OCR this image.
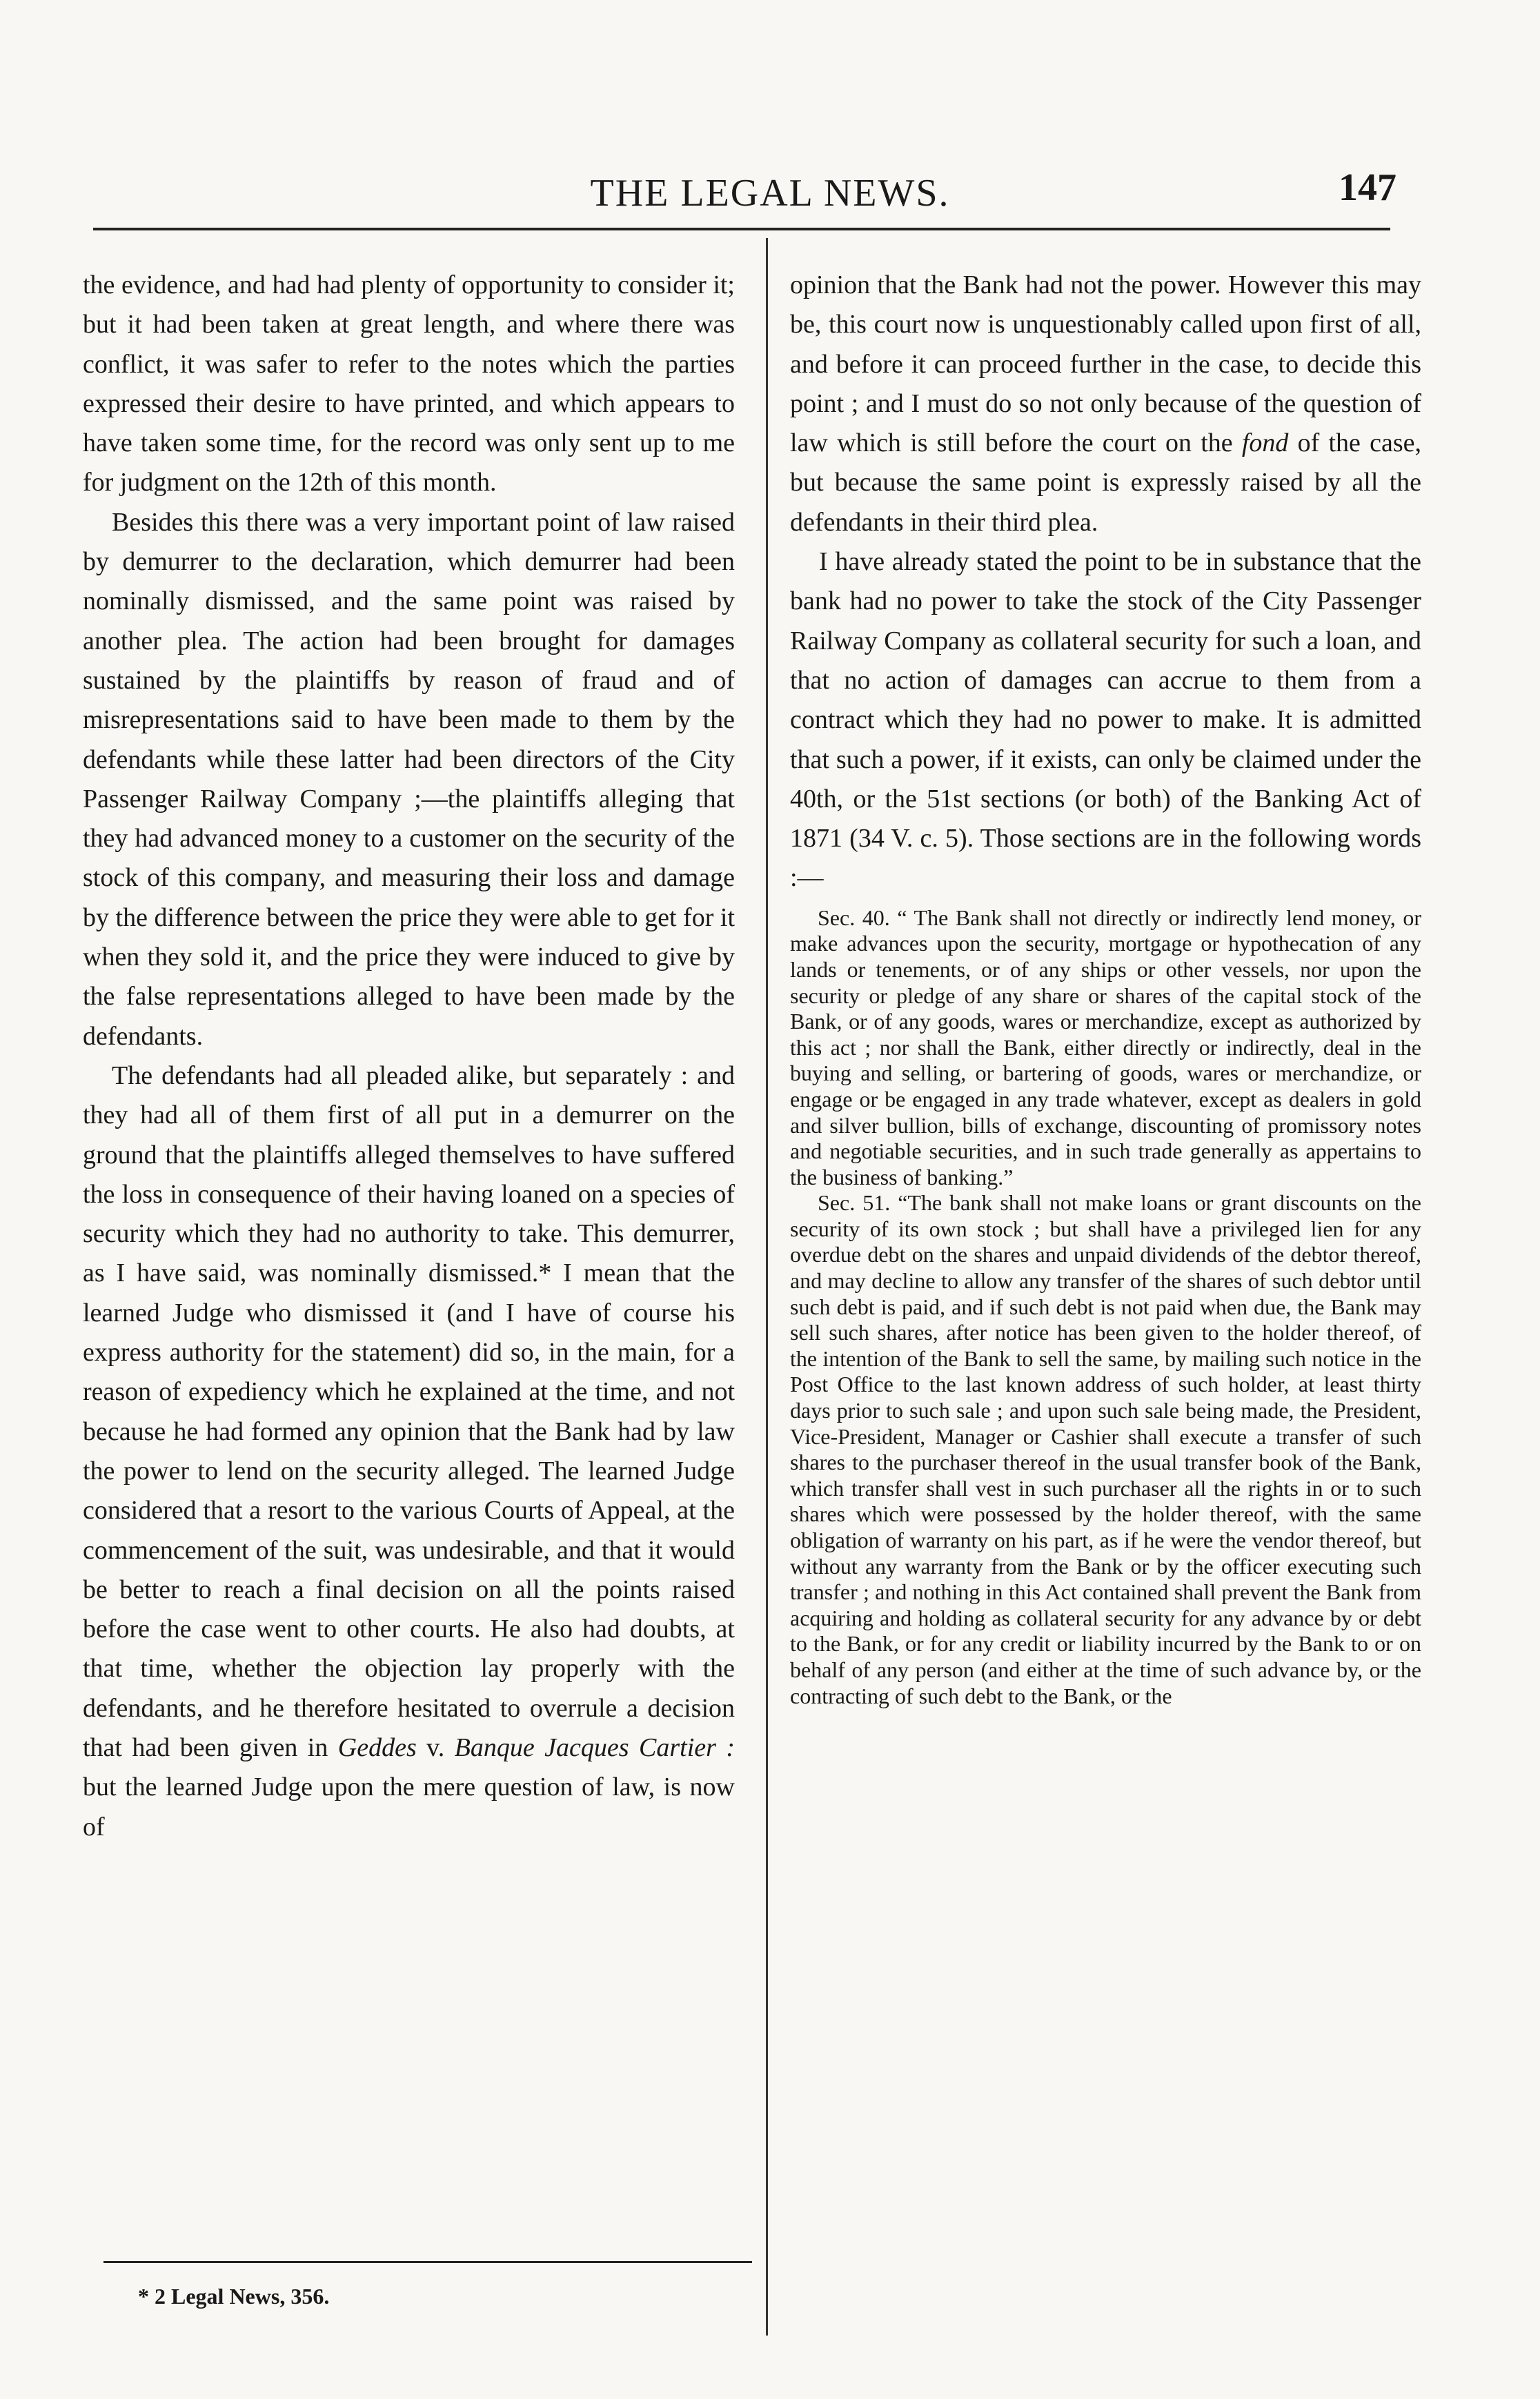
THE LEGAL NEWS.	147

the evidence, and had had plenty of opportunity to consider it; but it had been taken at great length, and where there was conflict, it was safer to refer to the notes which the parties expressed their desire to have printed, and which appears to have taken some time, for the record was only sent up to me for judgment on the 12th of this month.

Besides this there was a very important point of law raised by demurrer to the declaration, which demurrer had been nominally dismissed, and the same point was raised by another plea. The action had been brought for damages sustained by the plaintiffs by reason of fraud and of misrepresentations said to have been made to them by the defendants while these latter had been directors of the City Passenger Railway Company ;—the plaintiffs alleging that they had advanced money to a customer on the security of the stock of this company, and measuring their loss and damage by the difference between the price they were able to get for it when they sold it, and the price they were induced to give by the false representations alleged to have been made by the defendants.

The defendants had all pleaded alike, but separately : and they had all of them first of all put in a demurrer on the ground that the plaintiffs alleged themselves to have suffered the loss in consequence of their having loaned on a species of security which they had no authority to take. This demurrer, as I have said, was nominally dismissed.* I mean that the learned Judge who dismissed it (and I have of course his express authority for the statement) did so, in the main, for a reason of expediency which he explained at the time, and not because he had formed any opinion that the Bank had by law the power to lend on the security alleged. The learned Judge considered that a resort to the various Courts of Appeal, at the commencement of the suit, was undesirable, and that it would be better to reach a final decision on all the points raised before the case went to other courts. He also had doubts, at that time, whether the objection lay properly with the defendants, and he therefore hesitated to overrule a decision that had been given in Geddes v. Banque Jacques Cartier : but the learned Judge upon the mere question of law, is now of

opinion that the Bank had not the power. However this may be, this court now is unquestionably called upon first of all, and before it can proceed further in the case, to decide this point ; and I must do so not only because of the question of law which is still before the court on the fond of the case, but because the same point is expressly raised by all the defendants in their third plea.

I have already stated the point to be in substance that the bank had no power to take the stock of the City Passenger Railway Company as collateral security for such a loan, and that no action of damages can accrue to them from a contract which they had no power to make. It is admitted that such a power, if it exists, can only be claimed under the 40th, or the 51st sections (or both) of the Banking Act of 1871 (34 V. c. 5). Those sections are in the following words :—

Sec. 40. “ The Bank shall not directly or indirectly lend money, or make advances upon the security, mortgage or hypothecation of any lands or tenements, or of any ships or other vessels, nor upon the security or pledge of any share or shares of the capital stock of the Bank, or of any goods, wares or merchandize, except as authorized by this act ; nor shall the Bank, either directly or indirectly, deal in the buying and selling, or bartering of goods, wares or merchandize, or engage or be engaged in any trade whatever, except as dealers in gold and silver bullion, bills of exchange, discounting of promissory notes and negotiable securities, and in such trade generally as appertains to the business of banking.”

Sec. 51. “The bank shall not make loans or grant discounts on the security of its own stock ; but shall have a privileged lien for any overdue debt on the shares and unpaid dividends of the debtor thereof, and may decline to allow any transfer of the shares of such debtor until such debt is paid, and if such debt is not paid when due, the Bank may sell such shares, after notice has been given to the holder thereof, of the intention of the Bank to sell the same, by mailing such notice in the Post Office to the last known address of such holder, at least thirty days prior to such sale ; and upon such sale being made, the President, Vice-President, Manager or Cashier shall execute a transfer of such shares to the purchaser thereof in the usual transfer book of the Bank, which transfer shall vest in such purchaser all the rights in or to such shares which were possessed by the holder thereof, with the same obligation of warranty on his part, as if he were the vendor thereof, but without any warranty from the Bank or by the officer executing such transfer ; and nothing in this Act contained shall prevent the Bank from acquiring and holding as collateral security for any advance by or debt to the Bank, or for any credit or liability incurred by the Bank to or on behalf of any person (and either at the time of such advance by, or the contracting of such debt to the Bank, or the

* 2 Legal News, 356.
